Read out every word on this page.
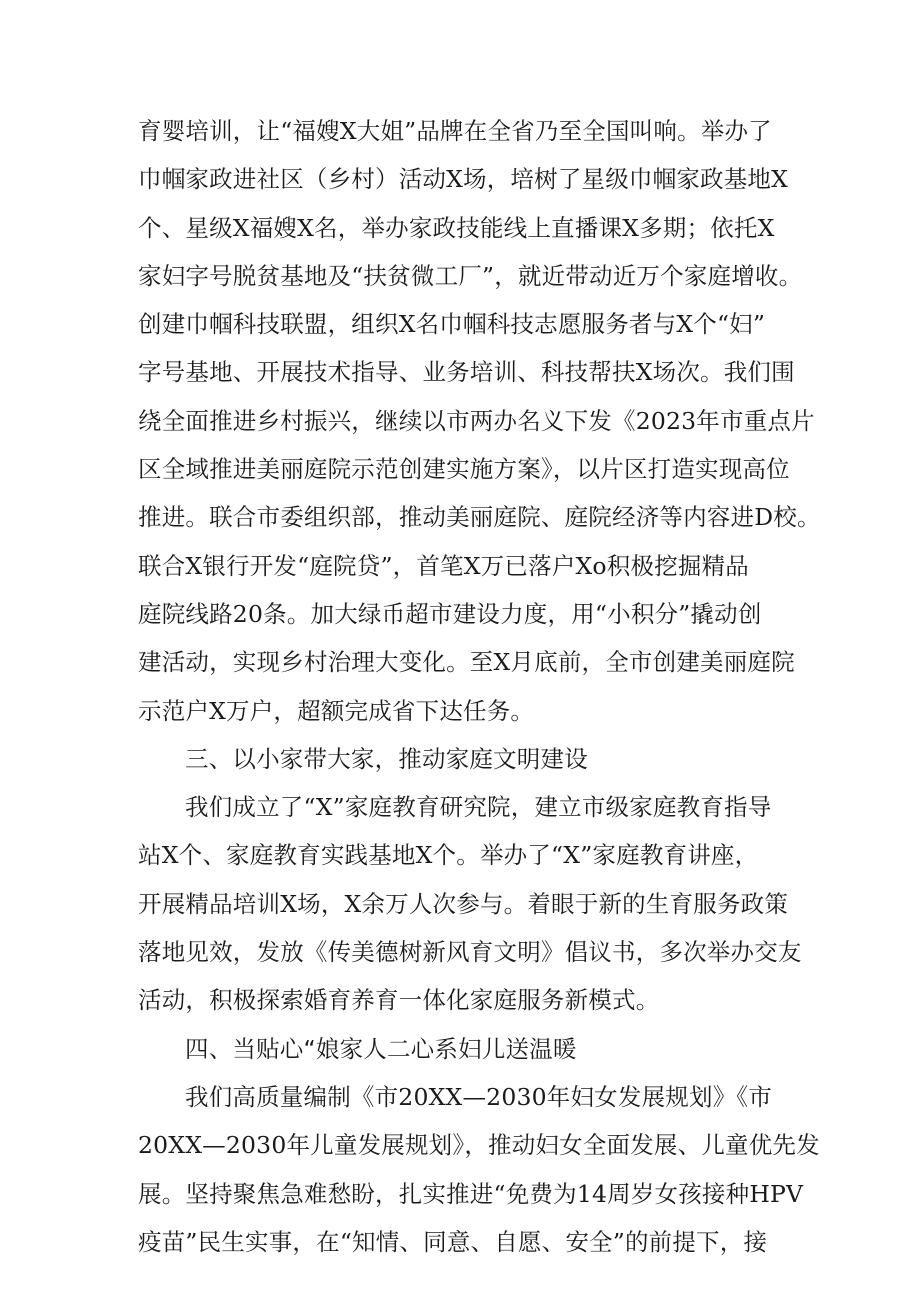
育婴培训，让“福嫂X大姐”品牌在全省乃至全国叫响。举办了
巾帼家政进社区（乡村）活动X场，培树了星级巾帼家政基地X
个、星级X福嫂X名，举办家政技能线上直播课X多期；依托X
家妇字号脱贫基地及“扶贫微工厂”，就近带动近万个家庭增收。
创建巾帼科技联盟，组织X名巾帼科技志愿服务者与X个“妇”
字号基地、开展技术指导、业务培训、科技帮扶X场次。我们围
绕全面推进乡村振兴，继续以市两办名义下发《2023年市重点片
区全域推进美丽庭院示范创建实施方案》，以片区打造实现高位
推进。联合市委组织部，推动美丽庭院、庭院经济等内容进D校。
联合X银行开发“庭院贷”，首笔X万已落户Xo积极挖掘精品
庭院线路20条。加大绿币超市建设力度，用“小积分”撬动创
建活动，实现乡村治理大变化。至X月底前，全市创建美丽庭院
示范户X万户，超额完成省下达任务。
三、以小家带大家，推动家庭文明建设
我们成立了“X”家庭教育研究院，建立市级家庭教育指导
站X个、家庭教育实践基地X个。举办了“X”家庭教育讲座，
开展精品培训X场，X余万人次参与。着眼于新的生育服务政策
落地见效，发放《传美德树新风育文明》倡议书，多次举办交友
活动，积极探索婚育养育一体化家庭服务新模式。
四、当贴心“娘家人二心系妇儿送温暖
我们高质量编制《市20XX—2030年妇女发展规划》《市
20XX—2030年儿童发展规划》，推动妇女全面发展、儿童优先发
展。坚持聚焦急难愁盼，扎实推进“免费为14周岁女孩接种HPV
疫苗”民生实事，在“知情、同意、自愿、安全”的前提下，接
